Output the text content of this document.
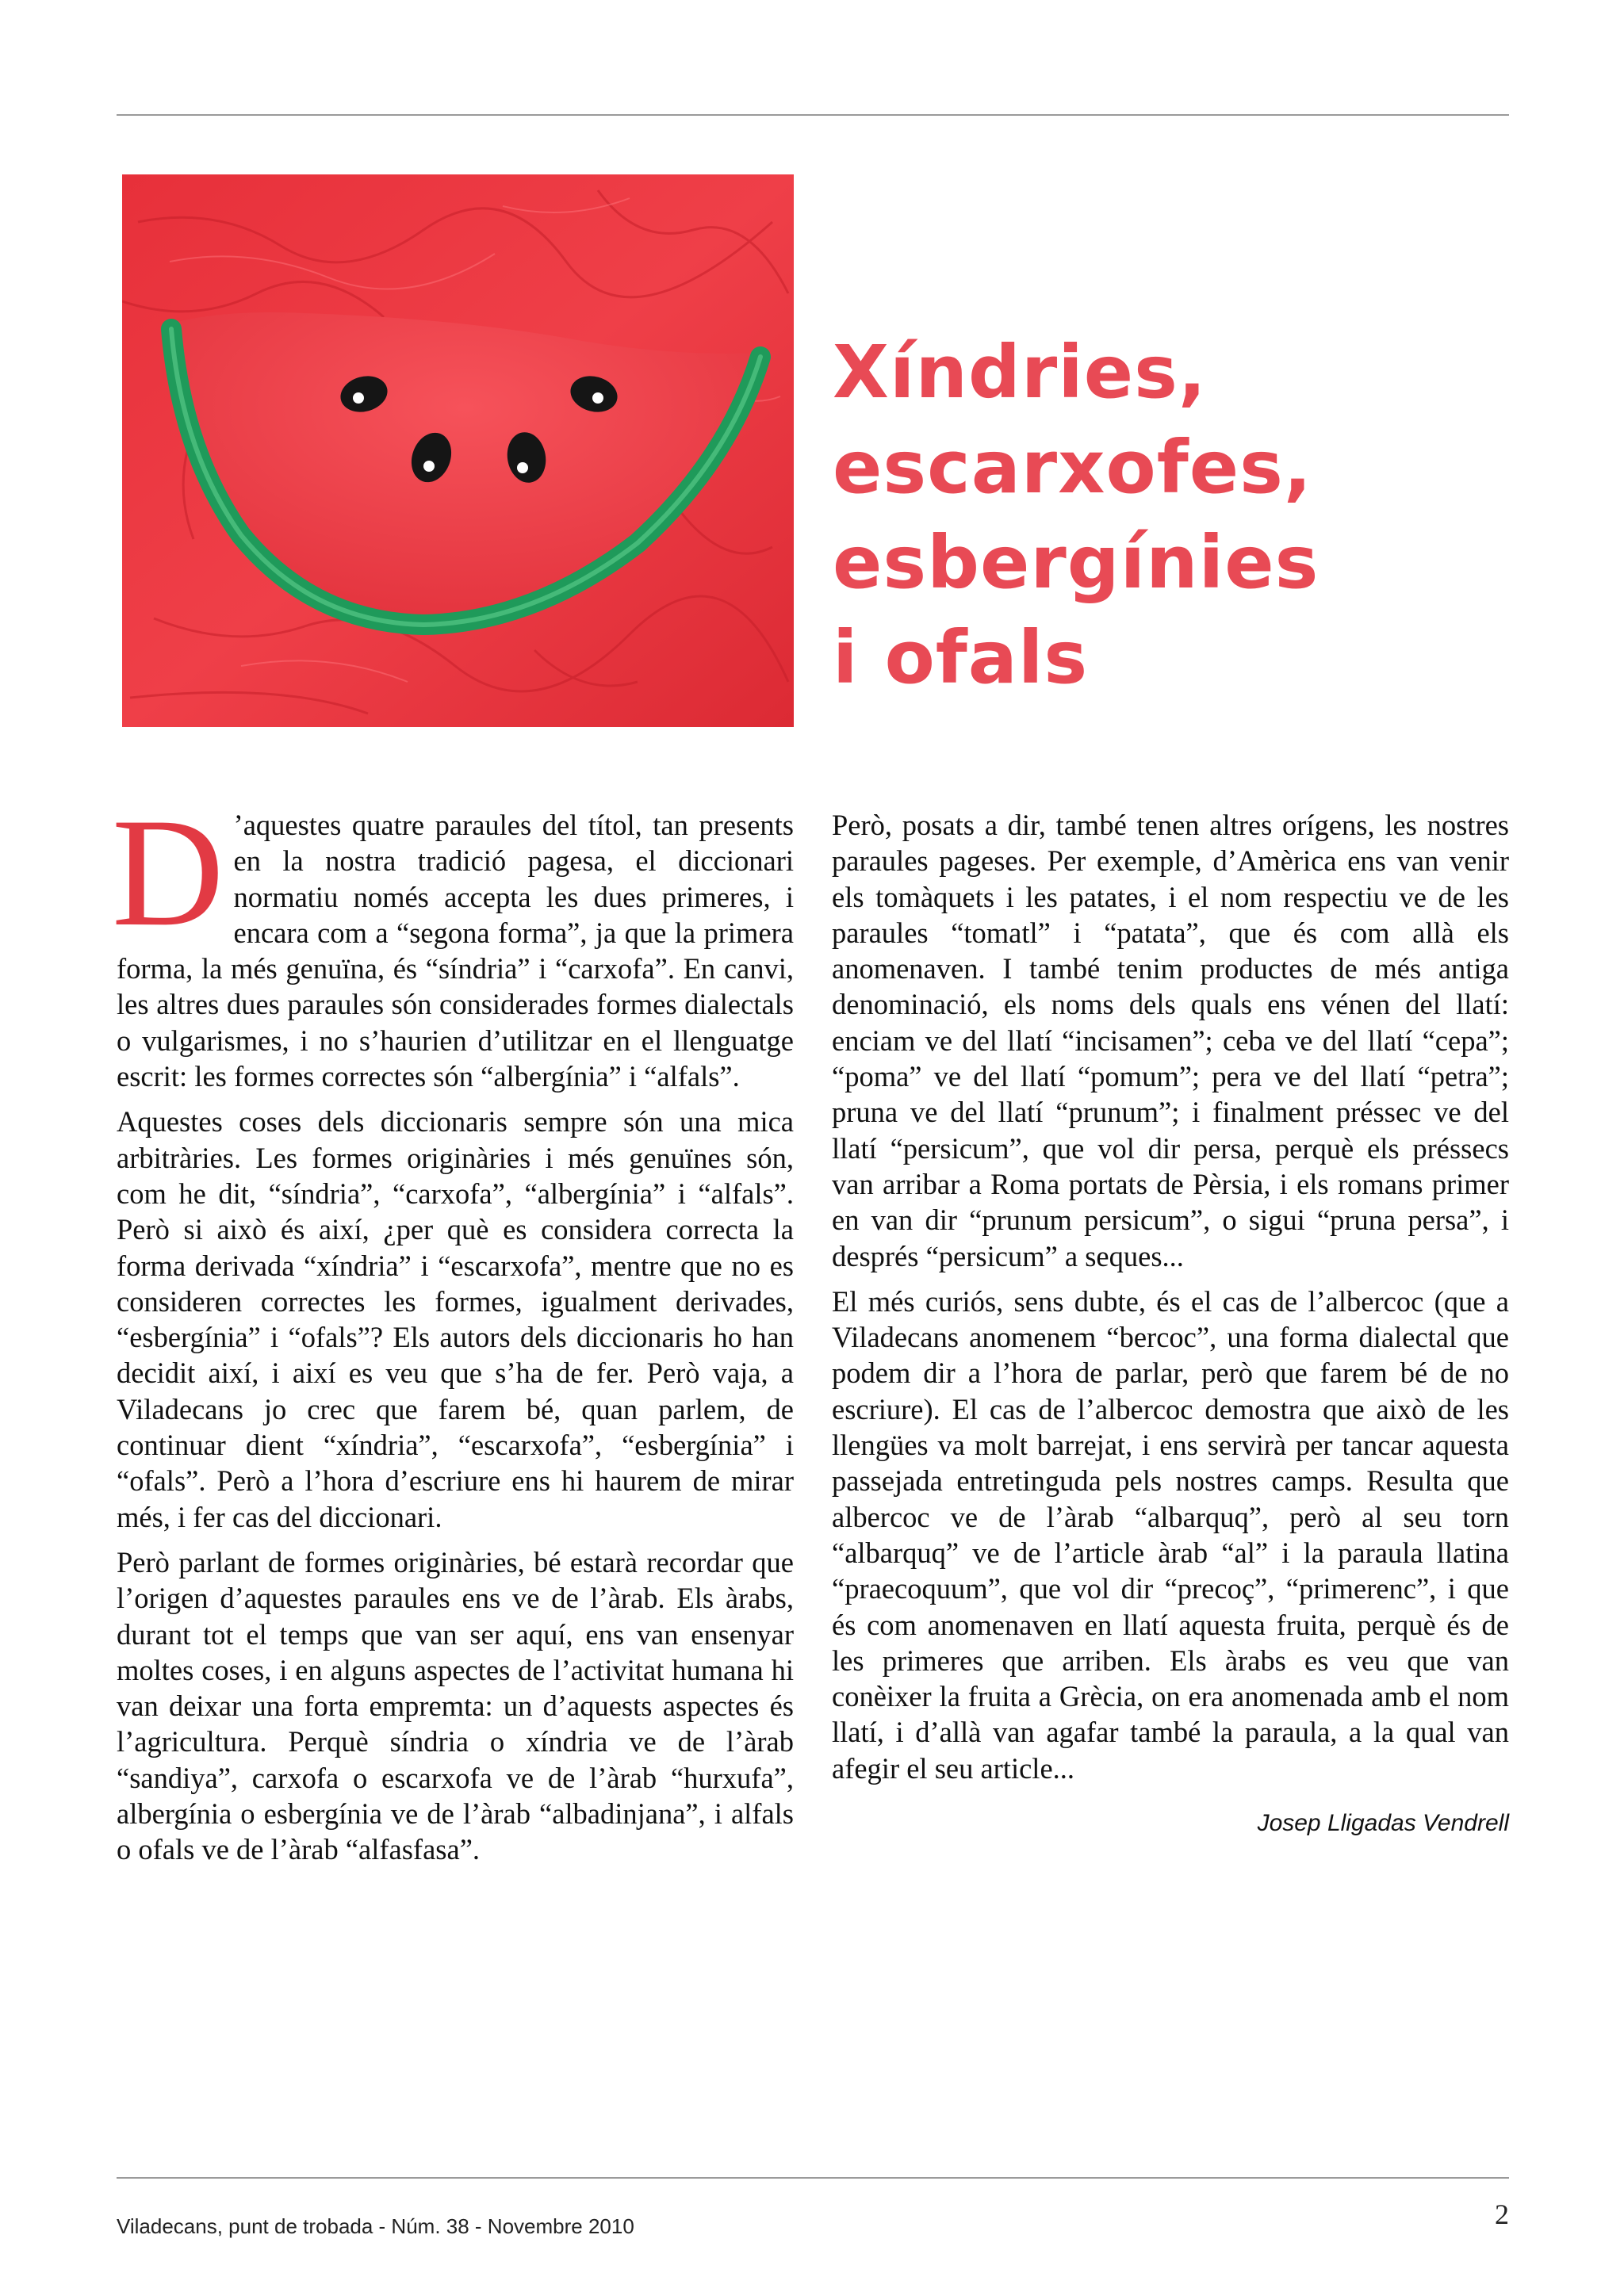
Xíndries,
escarxofes,
esbergínies
i ofals

D ’aquestes quatre paraules del títol, tan presents en la nostra tradició pagesa, el diccionari normatiu només accepta les dues primeres, i encara com a “segona forma”, ja que la primera forma, la més genuïna, és “síndria” i “carxofa”. En canvi, les altres dues paraules són considerades formes dialectals o vulgarismes, i no s’haurien d’utilitzar en el llenguatge escrit: les formes correctes són “albergínia” i “alfals”.

Aquestes coses dels diccionaris sempre són una mica arbitràries. Les formes originàries i més genuïnes són, com he dit, “síndria”, “carxofa”, “albergínia” i “alfals”. Però si això és així, ¿per què es considera correcta la forma derivada “xíndria” i “escarxofa”, mentre que no es consideren correctes les formes, igualment derivades, “esbergínia” i “ofals”? Els autors dels diccionaris ho han decidit així, i així es veu que s’ha de fer. Però vaja, a Viladecans jo crec que farem bé, quan parlem, de continuar dient “xíndria”, “escarxofa”, “esbergínia” i “ofals”. Però a l’hora d’escriure ens hi haurem de mirar més, i fer cas del diccionari.

Però parlant de formes originàries, bé estarà recordar que l’origen d’aquestes paraules ens ve de l’àrab. Els àrabs, durant tot el temps que van ser aquí, ens van ensenyar moltes coses, i en alguns aspectes de l’activitat humana hi van deixar una forta empremta: un d’aquests aspectes és l’agricultura. Perquè síndria o xíndria ve de l’àrab “sandiya”, carxofa o escarxofa ve de l’àrab “hurxufa”, albergínia o esbergínia ve de l’àrab “albadinjana”, i alfals o ofals ve de l’àrab “alfasfasa”.

Però, posats a dir, també tenen altres orígens, les nostres paraules pageses. Per exemple, d’Amèrica ens van venir els tomàquets i les patates, i el nom respectiu ve de les paraules “tomatl” i “patata”, que és com allà els anomenaven. I també tenim productes de més antiga denominació, els noms dels quals ens vénen del llatí: enciam ve del llatí “incisamen”; ceba ve del llatí “cepa”; “poma” ve del llatí “pomum”; pera ve del llatí “petra”; pruna ve del llatí “prunum”; i finalment préssec ve del llatí “persicum”, que vol dir persa, perquè els préssecs van arribar a Roma portats de Pèrsia, i els romans primer en van dir “prunum persicum”, o sigui “pruna persa”, i després “persicum” a seques...

El més curiós, sens dubte, és el cas de l’albercoc (que a Viladecans anomenem “bercoc”, una forma dialectal que podem dir a l’hora de parlar, però que farem bé de no escriure). El cas de l’albercoc demostra que això de les llengües va molt barrejat, i ens servirà per tancar aquesta passejada entretinguda pels nostres camps. Resulta que albercoc ve de l’àrab “albarquq”, però al seu torn “albarquq” ve de l’article àrab “al” i la paraula llatina “praecoquum”, que vol dir “precoç”, “primerenc”, i que és com anomenaven en llatí aquesta fruita, perquè és de les primeres que arriben. Els àrabs es veu que van conèixer la fruita a Grècia, on era anomenada amb el nom llatí, i d’allà van agafar també la paraula, a la qual van afegir el seu article...

Josep Lligadas Vendrell
Viladecans, punt de trobada - Núm. 38 - Novembre 2010	2
